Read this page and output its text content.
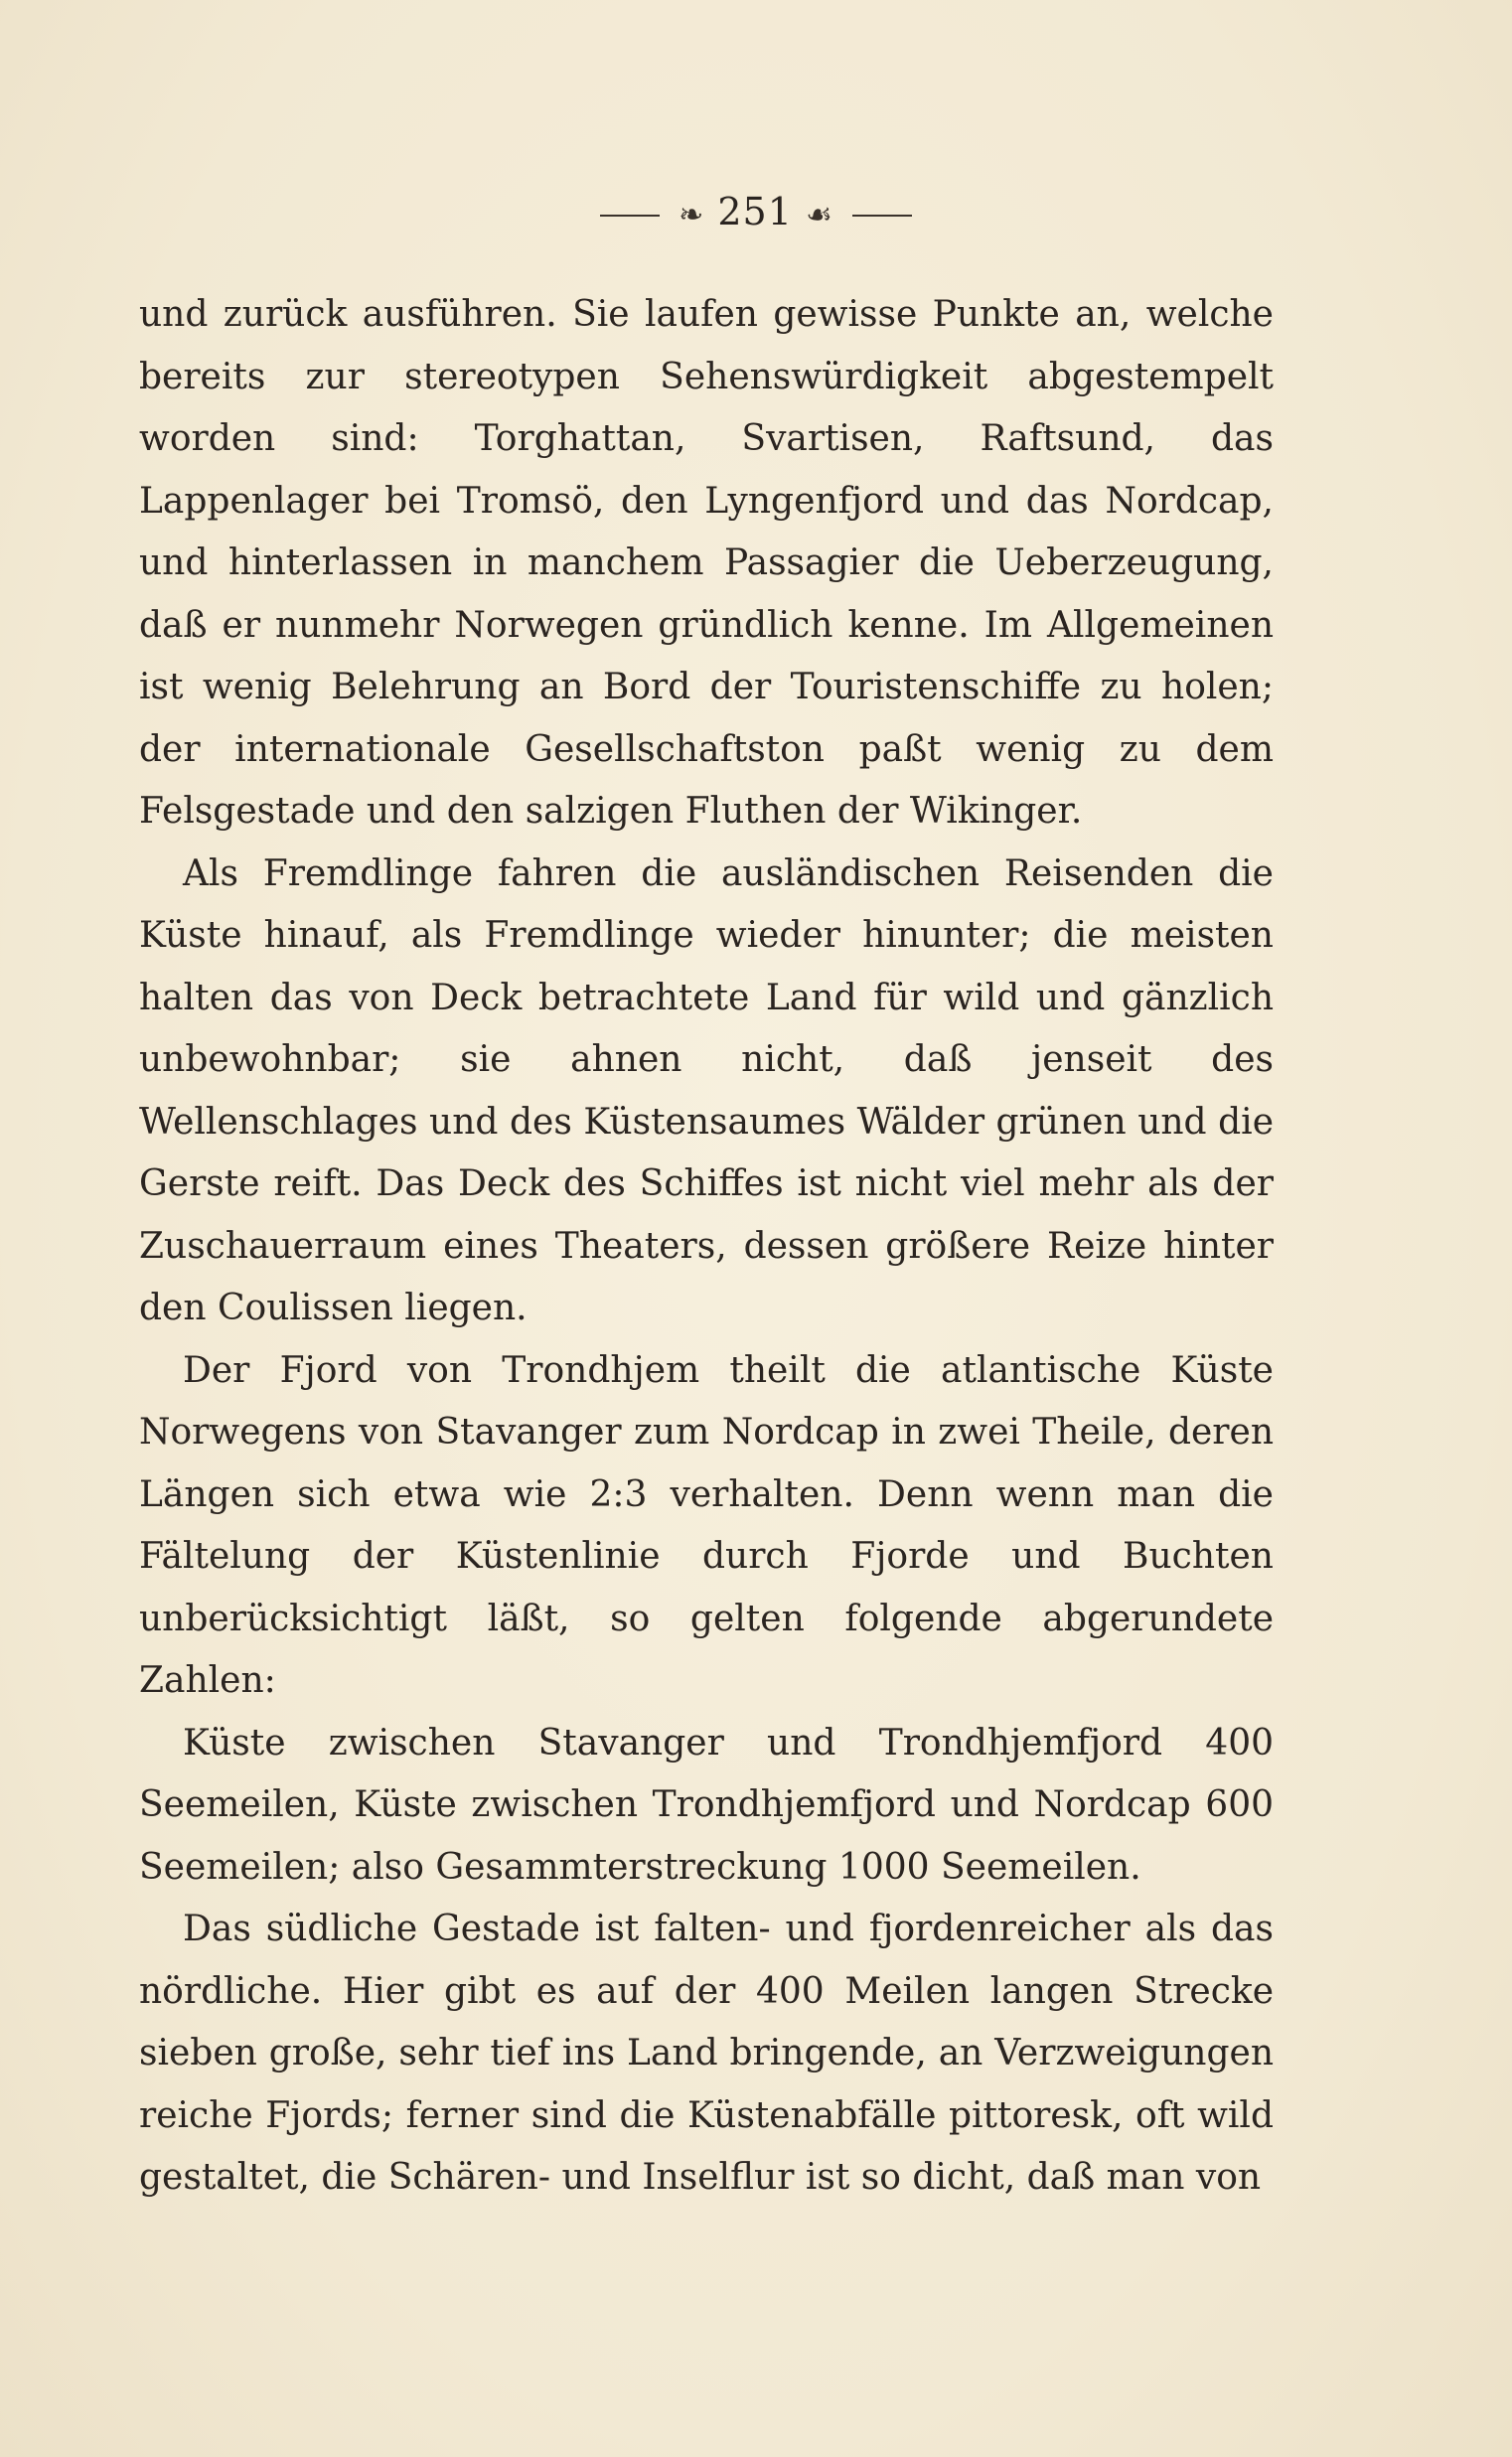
❧ 251 ☙

und zurück ausführen. Sie laufen gewisse Punkte an, welche bereits zur stereotypen Sehenswürdigkeit abgestempelt worden sind: Torghattan, Svartisen, Raftsund, das Lappenlager bei Tromsö, den Lyngenfjord und das Nordcap, und hinterlassen in manchem Passagier die Ueberzeugung, daß er nunmehr Norwegen gründlich kenne. Im Allgemeinen ist wenig Belehrung an Bord der Touristenschiffe zu holen; der internationale Gesellschaftston paßt wenig zu dem Felsgestade und den salzigen Fluthen der Wikinger.

Als Fremdlinge fahren die ausländischen Reisenden die Küste hinauf, als Fremdlinge wieder hinunter; die meisten halten das von Deck betrachtete Land für wild und gänzlich unbewohnbar; sie ahnen nicht, daß jenseit des Wellenschlages und des Küstensaumes Wälder grünen und die Gerste reift. Das Deck des Schiffes ist nicht viel mehr als der Zuschauerraum eines Theaters, dessen größere Reize hinter den Coulissen liegen.

Der Fjord von Trondhjem theilt die atlantische Küste Norwegens von Stavanger zum Nordcap in zwei Theile, deren Längen sich etwa wie 2:3 verhalten. Denn wenn man die Fältelung der Küstenlinie durch Fjorde und Buchten unberücksichtigt läßt, so gelten folgende abgerundete Zahlen:

Küste zwischen Stavanger und Trondhjemfjord 400 Seemeilen, Küste zwischen Trondhjemfjord und Nordcap 600 Seemeilen; also Gesammterstreckung 1000 Seemeilen.

Das südliche Gestade ist falten- und fjordenreicher als das nördliche. Hier gibt es auf der 400 Meilen langen Strecke sieben große, sehr tief ins Land bringende, an Verzweigungen reiche Fjords; ferner sind die Küstenabfälle pittoresk, oft wild gestaltet, die Schären- und Inselflur ist so dicht, daß man von
